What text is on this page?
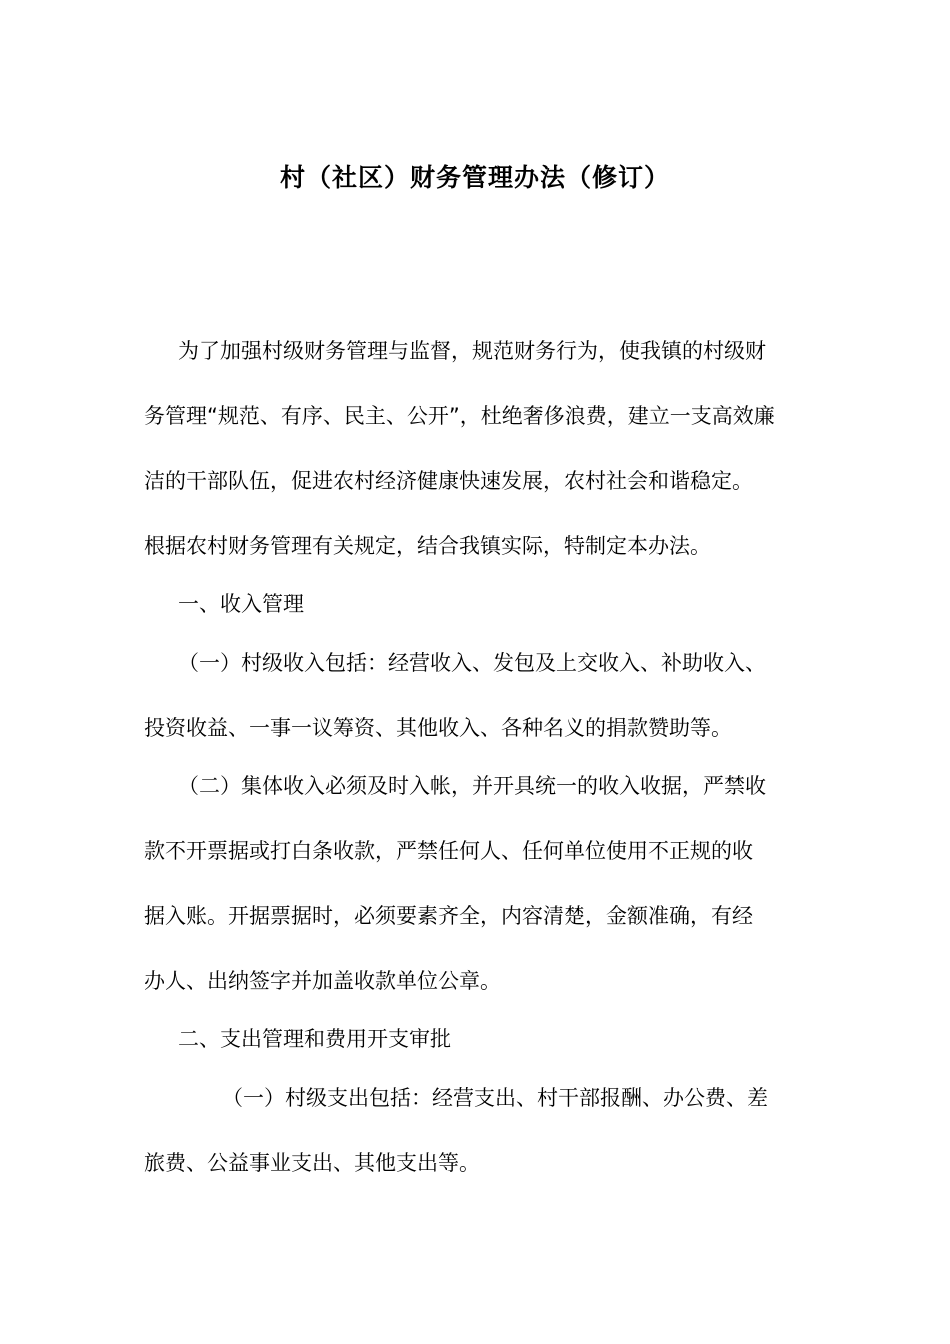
村（社区）财务管理办法（修订）
为了加强村级财务管理与监督，规范财务行为，使我镇的村级财
务管理“规范、有序、民主、公开”，杜绝奢侈浪费，建立一支高效廉
洁的干部队伍，促进农村经济健康快速发展，农村社会和谐稳定。
根据农村财务管理有关规定，结合我镇实际，特制定本办法。
一、收入管理
（一）村级收入包括：经营收入、发包及上交收入、补助收入、
投资收益、一事一议筹资、其他收入、各种名义的捐款赞助等。
（二）集体收入必须及时入帐，并开具统一的收入收据，严禁收
款不开票据或打白条收款，严禁任何人、任何单位使用不正规的收
据入账。开据票据时，必须要素齐全，内容清楚，金额准确，有经
办人、出纳签字并加盖收款单位公章。
二、支出管理和费用开支审批
（一）村级支出包括：经营支出、村干部报酬、办公费、差
旅费、公益事业支出、其他支出等。
